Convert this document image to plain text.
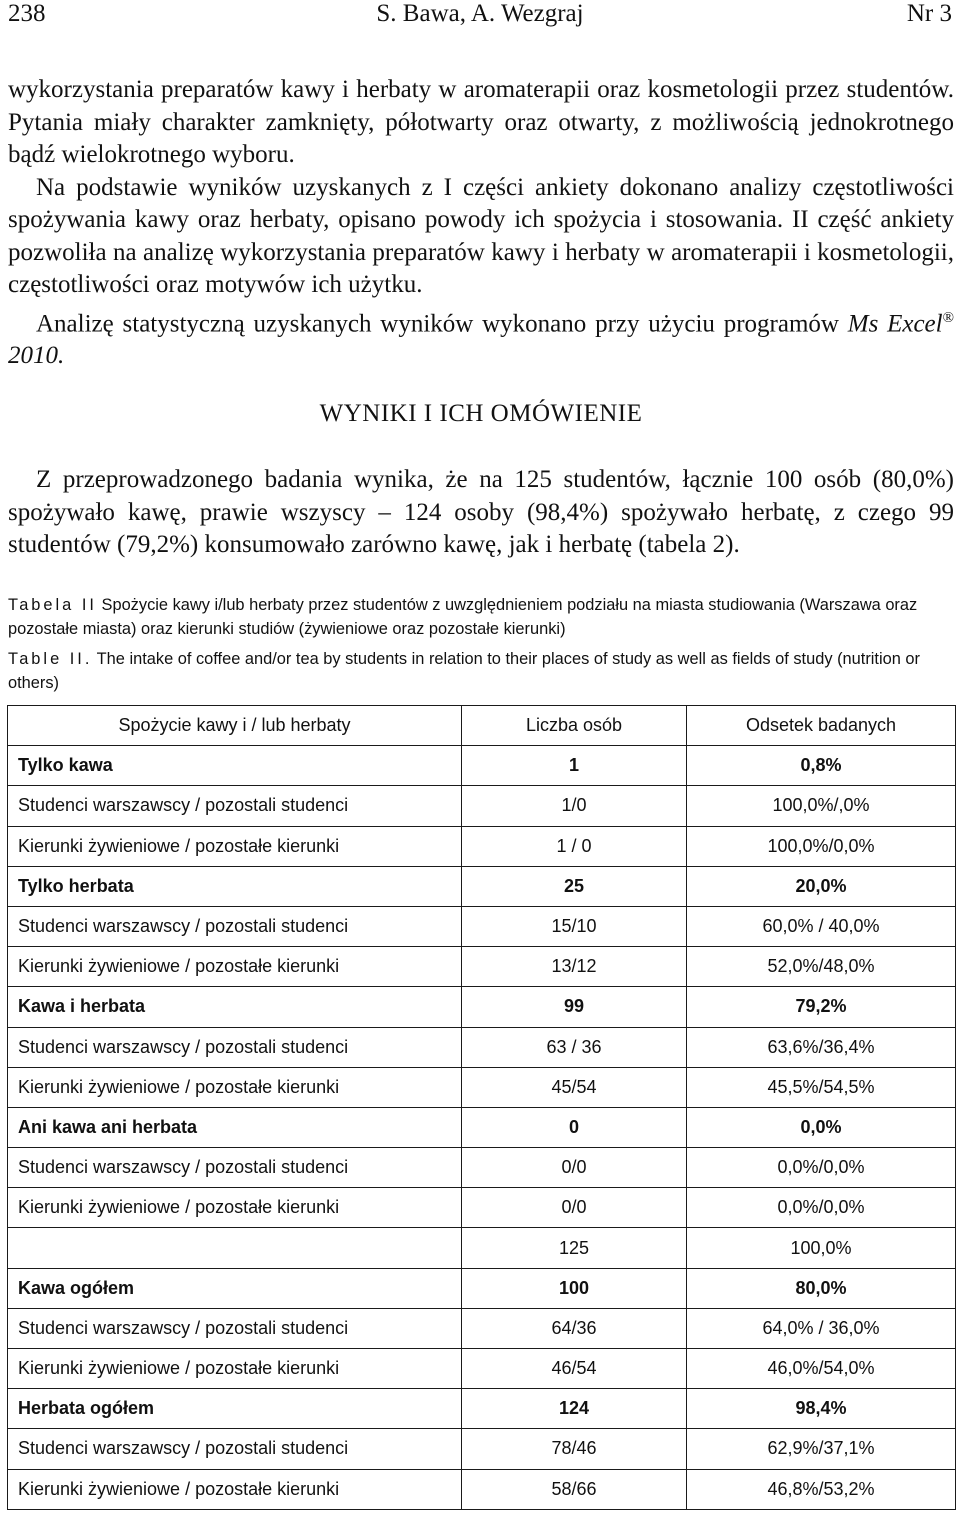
238	S. Bawa, A. Wezgraj	Nr 3

wykorzystania preparatów kawy i herbaty w aromaterapii oraz kosmetologii przez studentów. Pytania miały charakter zamknięty, półotwarty oraz otwarty, z możliwością jednokrotnego bądź wielokrotnego wyboru.

Na podstawie wyników uzyskanych z I części ankiety dokonano analizy częstotliwości spożywania kawy oraz herbaty, opisano powody ich spożycia i stosowania. II część ankiety pozwoliła na analizę wykorzystania preparatów kawy i herbaty w aromaterapii i kosmetologii, częstotliwości oraz motywów ich użytku.

Analizę statystyczną uzyskanych wyników wykonano przy użyciu programów Ms Excel® 2010.

WYNIKI I ICH OMÓWIENIE

Z przeprowadzonego badania wynika, że na 125 studentów, łącznie 100 osób (80,0%) spożywało kawę, prawie wszyscy – 124 osoby (98,4%) spożywało herbatę, z czego 99 studentów (79,2%) konsumowało zarówno kawę, jak i herbatę (tabela 2).

Tabela II Spożycie kawy i/lub herbaty przez studentów z uwzględnieniem podziału na miasta studiowania (Warszawa oraz pozostałe miasta) oraz kierunki studiów (żywieniowe oraz pozostałe kierunki)

Table II. The intake of coffee and/or tea by students in relation to their places of study as well as fields of study (nutrition or others)

Spożycie kawy i / lub herbaty	Liczba osób	Odsetek badanych
Tylko kawa	1	0,8%
Studenci warszawscy / pozostali studenci	1/0	100,0%/,0%
Kierunki żywieniowe / pozostałe kierunki	1 / 0	100,0%/0,0%
Tylko herbata	25	20,0%
Studenci warszawscy / pozostali studenci	15/10	60,0% / 40,0%
Kierunki żywieniowe / pozostałe kierunki	13/12	52,0%/48,0%
Kawa i herbata	99	79,2%
Studenci warszawscy / pozostali studenci	63 / 36	63,6%/36,4%
Kierunki żywieniowe / pozostałe kierunki	45/54	45,5%/54,5%
Ani kawa ani herbata	0	0,0%
Studenci warszawscy / pozostali studenci	0/0	0,0%/0,0%
Kierunki żywieniowe / pozostałe kierunki	0/0	0,0%/0,0%
	125	100,0%
Kawa ogółem	100	80,0%
Studenci warszawscy / pozostali studenci	64/36	64,0% / 36,0%
Kierunki żywieniowe / pozostałe kierunki	46/54	46,0%/54,0%
Herbata ogółem	124	98,4%
Studenci warszawscy / pozostali studenci	78/46	62,9%/37,1%
Kierunki żywieniowe / pozostałe kierunki	58/66	46,8%/53,2%
